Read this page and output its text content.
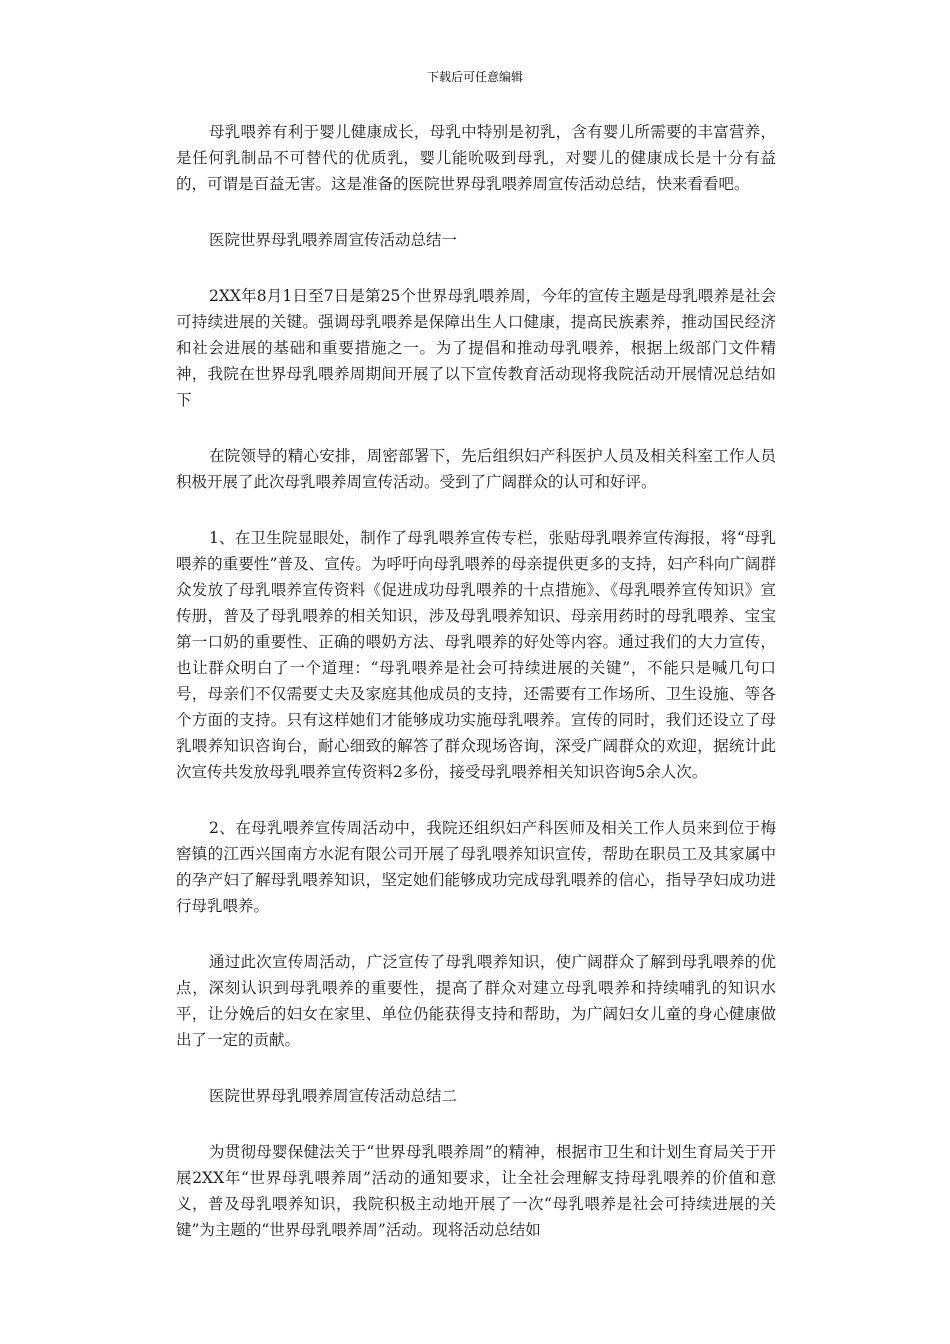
下载后可任意编辑

母乳喂养有利于婴儿健康成长，母乳中特别是初乳，含有婴儿所需要的丰富营养，是任何乳制品不可替代的优质乳，婴儿能吮吸到母乳，对婴儿的健康成长是十分有益的，可谓是百益无害。这是准备的医院世界母乳喂养周宣传活动总结，快来看看吧。

医院世界母乳喂养周宣传活动总结一

2XX年8月1日至7日是第25个世界母乳喂养周，今年的宣传主题是母乳喂养是社会可持续进展的关键。强调母乳喂养是保障出生人口健康，提高民族素养，推动国民经济和社会进展的基础和重要措施之一。为了提倡和推动母乳喂养，根据上级部门文件精神，我院在世界母乳喂养周期间开展了以下宣传教育活动现将我院活动开展情况总结如下

在院领导的精心安排，周密部署下，先后组织妇产科医护人员及相关科室工作人员积极开展了此次母乳喂养周宣传活动。受到了广阔群众的认可和好评。

1、在卫生院显眼处，制作了母乳喂养宣传专栏，张贴母乳喂养宣传海报，将“母乳喂养的重要性”普及、宣传。为呼吁向母乳喂养的母亲提供更多的支持，妇产科向广阔群众发放了母乳喂养宣传资料《促进成功母乳喂养的十点措施》、《母乳喂养宣传知识》宣传册，普及了母乳喂养的相关知识，涉及母乳喂养知识、母亲用药时的母乳喂养、宝宝第一口奶的重要性、正确的喂奶方法、母乳喂养的好处等内容。通过我们的大力宣传，也让群众明白了一个道理：“母乳喂养是社会可持续进展的关键”，不能只是喊几句口号，母亲们不仅需要丈夫及家庭其他成员的支持，还需要有工作场所、卫生设施、等各个方面的支持。只有这样她们才能够成功实施母乳喂养。宣传的同时，我们还设立了母乳喂养知识咨询台，耐心细致的解答了群众现场咨询，深受广阔群众的欢迎，据统计此次宣传共发放母乳喂养宣传资料2多份，接受母乳喂养相关知识咨询5余人次。

2、在母乳喂养宣传周活动中，我院还组织妇产科医师及相关工作人员来到位于梅窖镇的江西兴国南方水泥有限公司开展了母乳喂养知识宣传，帮助在职员工及其家属中的孕产妇了解母乳喂养知识，坚定她们能够成功完成母乳喂养的信心，指导孕妇成功进行母乳喂养。

通过此次宣传周活动，广泛宣传了母乳喂养知识，使广阔群众了解到母乳喂养的优点，深刻认识到母乳喂养的重要性，提高了群众对建立母乳喂养和持续哺乳的知识水平，让分娩后的妇女在家里、单位仍能获得支持和帮助，为广阔妇女儿童的身心健康做出了一定的贡献。

医院世界母乳喂养周宣传活动总结二

为贯彻母婴保健法关于“世界母乳喂养周”的精神，根据市卫生和计划生育局关于开展2XX年“世界母乳喂养周”活动的通知要求，让全社会理解支持母乳喂养的价值和意义，普及母乳喂养知识，我院积极主动地开展了一次“母乳喂养是社会可持续进展的关键”为主题的“世界母乳喂养周”活动。现将活动总结如
